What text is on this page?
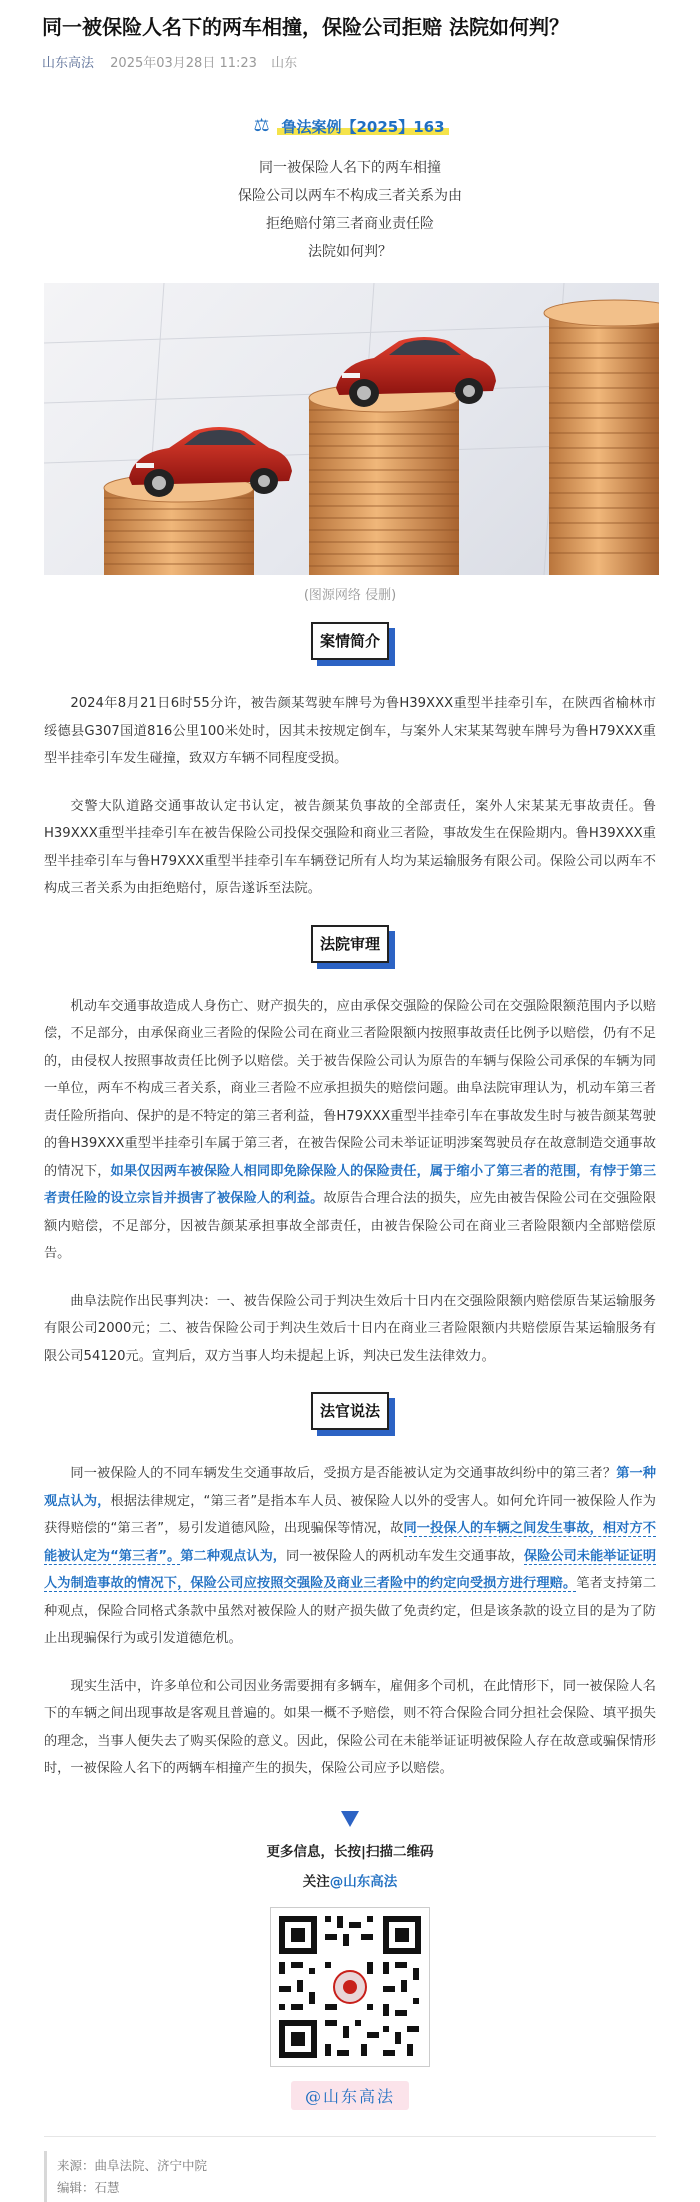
同一被保险人名下的两车相撞，保险公司拒赔 法院如何判？
山东高法 2025年03月28日 11:23 山东
⚖ 鲁法案例【2025】163
同一被保险人名下的两车相撞
保险公司以两车不构成三者关系为由
拒绝赔付第三者商业责任险
法院如何判？
(图源网络 侵删)
案情简介

2024年8月21日6时55分许，被告颜某驾驶车牌号为鲁H39XXX重型半挂牵引车，在陕西省榆林市绥德县G307国道816公里100米处时，因其未按规定倒车，与案外人宋某某驾驶车牌号为鲁H79XXX重型半挂牵引车发生碰撞，致双方车辆不同程度受损。

交警大队道路交通事故认定书认定，被告颜某负事故的全部责任，案外人宋某某无事故责任。鲁H39XXX重型半挂牵引车在被告保险公司投保交强险和商业三者险，事故发生在保险期内。鲁H39XXX重型半挂牵引车与鲁H79XXX重型半挂牵引车车辆登记所有人均为某运输服务有限公司。保险公司以两车不构成三者关系为由拒绝赔付，原告遂诉至法院。

法院审理

机动车交通事故造成人身伤亡、财产损失的，应由承保交强险的保险公司在交强险限额范围内予以赔偿，不足部分，由承保商业三者险的保险公司在商业三者险限额内按照事故责任比例予以赔偿，仍有不足的，由侵权人按照事故责任比例予以赔偿。关于被告保险公司认为原告的车辆与保险公司承保的车辆为同一单位，两车不构成三者关系，商业三者险不应承担损失的赔偿问题。曲阜法院审理认为，机动车第三者责任险所指向、保护的是不特定的第三者利益，鲁H79XXX重型半挂牵引车在事故发生时与被告颜某驾驶的鲁H39XXX重型半挂牵引车属于第三者，在被告保险公司未举证证明涉案驾驶员存在故意制造交通事故的情况下，如果仅因两车被保险人相同即免除保险人的保险责任，属于缩小了第三者的范围，有悖于第三者责任险的设立宗旨并损害了被保险人的利益。故原告合理合法的损失，应先由被告保险公司在交强险限额内赔偿，不足部分，因被告颜某承担事故全部责任，由被告保险公司在商业三者险限额内全部赔偿原告。

曲阜法院作出民事判决：一、被告保险公司于判决生效后十日内在交强险限额内赔偿原告某运输服务有限公司2000元；二、被告保险公司于判决生效后十日内在商业三者险限额内共赔偿原告某运输服务有限公司54120元。宣判后，双方当事人均未提起上诉，判决已发生法律效力。

法官说法

同一被保险人的不同车辆发生交通事故后，受损方是否能被认定为交通事故纠纷中的第三者？第一种观点认为，根据法律规定，“第三者”是指本车人员、被保险人以外的受害人。如何允许同一被保险人作为获得赔偿的“第三者”，易引发道德风险，出现骗保等情况，故同一投保人的车辆之间发生事故，相对方不能被认定为“第三者”。第二种观点认为，同一被保险人的两机动车发生交通事故，保险公司未能举证证明人为制造事故的情况下，保险公司应按照交强险及商业三者险中的约定向受损方进行理赔。笔者支持第二种观点，保险合同格式条款中虽然对被保险人的财产损失做了免责约定，但是该条款的设立目的是为了防止出现骗保行为或引发道德危机。

现实生活中，许多单位和公司因业务需要拥有多辆车，雇佣多个司机，在此情形下，同一被保险人名下的车辆之间出现事故是客观且普遍的。如果一概不予赔偿，则不符合保险合同分担社会保险、填平损失的理念，当事人便失去了购买保险的意义。因此，保险公司在未能举证证明被保险人存在故意或骗保情形时，一被保险人名下的两辆车相撞产生的损失，保险公司应予以赔偿。

更多信息，长按|扫描二维码
关注@山东高法
@山东高法
来源：曲阜法院、济宁中院
编辑：石慧
